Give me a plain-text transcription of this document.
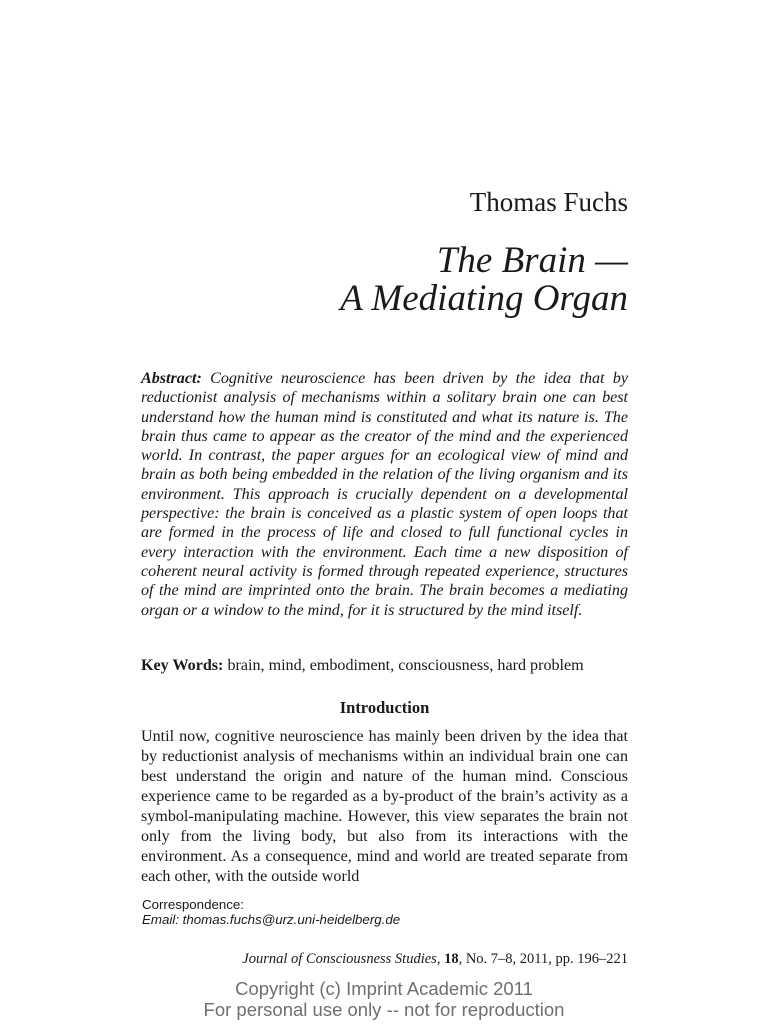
Thomas Fuchs
The Brain —
A Mediating Organ

Abstract: Cognitive neuroscience has been driven by the idea that by reductionist analysis of mechanisms within a solitary brain one can best understand how the human mind is constituted and what its nature is. The brain thus came to appear as the creator of the mind and the experienced world. In contrast, the paper argues for an ecological view of mind and brain as both being embedded in the relation of the living organism and its environment. This approach is crucially dependent on a developmental perspective: the brain is conceived as a plastic system of open loops that are formed in the process of life and closed to full functional cycles in every interaction with the environment. Each time a new disposition of coherent neural activity is formed through repeated experience, structures of the mind are imprinted onto the brain. The brain becomes a mediating organ or a window to the mind, for it is structured by the mind itself.

Key Words: brain, mind, embodiment, consciousness, hard problem
Introduction

Until now, cognitive neuroscience has mainly been driven by the idea that by reductionist analysis of mechanisms within an individual brain one can best understand the origin and nature of the human mind. Conscious experience came to be regarded as a by-product of the brain’s activity as a symbol-manipulating machine. However, this view separates the brain not only from the living body, but also from its interactions with the environment. As a consequence, mind and world are treated separate from each other, with the outside world

Correspondence:
Email: thomas.fuchs@urz.uni-heidelberg.de
Journal of Consciousness Studies, 18, No. 7–8, 2011, pp. 196–221
Copyright (c) Imprint Academic 2011
For personal use only -- not for reproduction
